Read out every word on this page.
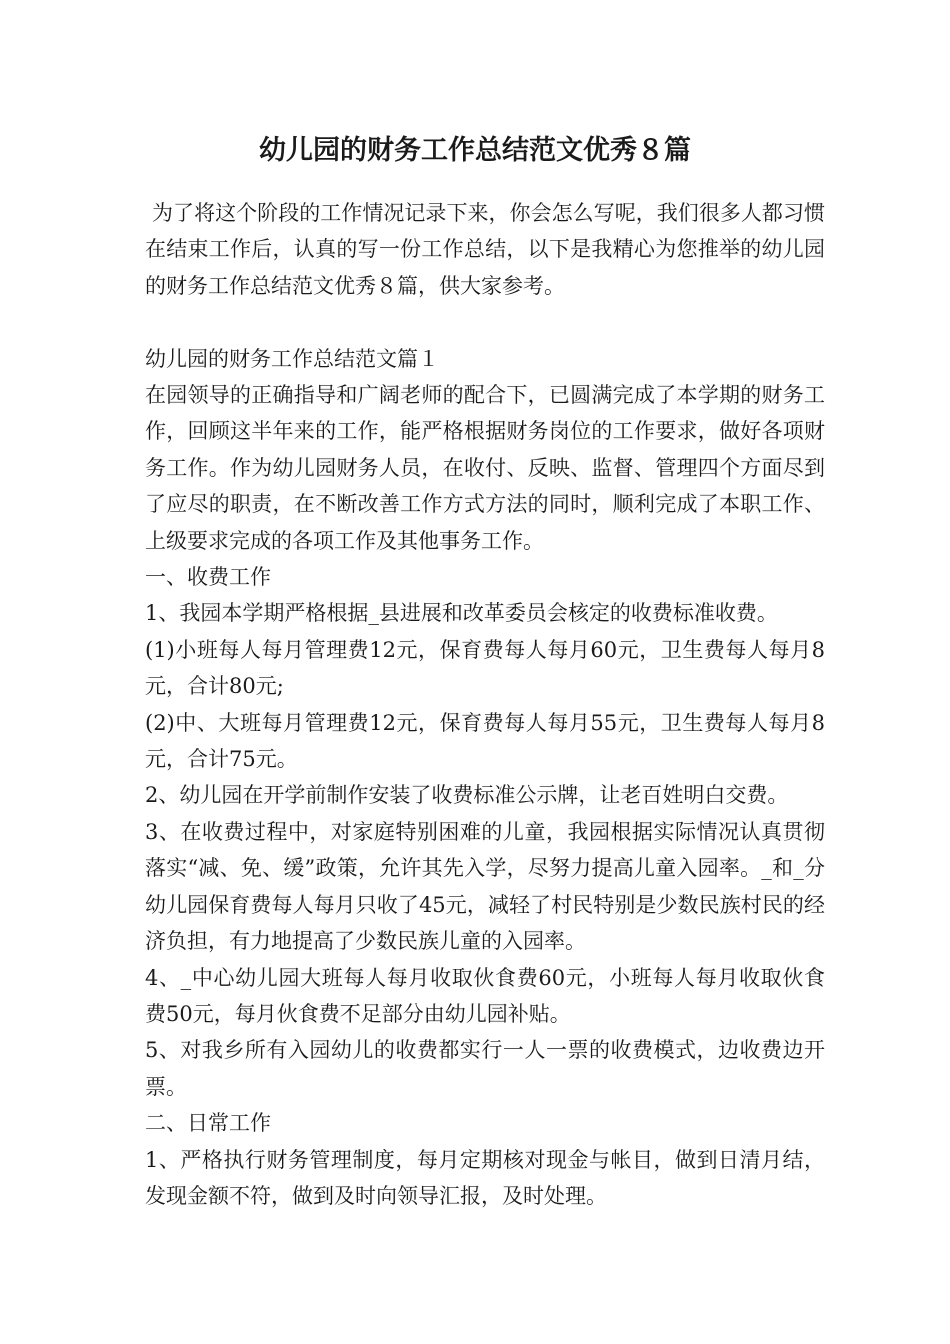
幼儿园的财务工作总结范文优秀８篇

为了将这个阶段的工作情况记录下来，你会怎么写呢，我们很多人都习惯在结束工作后，认真的写一份工作总结，以下是我精心为您推举的幼儿园的财务工作总结范文优秀８篇，供大家参考。

幼儿园的财务工作总结范文篇１

在园领导的正确指导和广阔老师的配合下，已圆满完成了本学期的财务工作，回顾这半年来的工作，能严格根据财务岗位的工作要求，做好各项财务工作。作为幼儿园财务人员，在收付、反映、监督、管理四个方面尽到了应尽的职责，在不断改善工作方式方法的同时，顺利完成了本职工作、上级要求完成的各项工作及其他事务工作。

一、收费工作

1、我园本学期严格根据_县进展和改革委员会核定的收费标准收费。

(1)小班每人每月管理费12元，保育费每人每月60元，卫生费每人每月8元，合计80元;

(2)中、大班每月管理费12元，保育费每人每月55元，卫生费每人每月8元，合计75元。

2、幼儿园在开学前制作安装了收费标准公示牌，让老百姓明白交费。

3、在收费过程中，对家庭特别困难的儿童，我园根据实际情况认真贯彻落实“减、免、缓”政策，允许其先入学，尽努力提高儿童入园率。_和_分幼儿园保育费每人每月只收了45元，减轻了村民特别是少数民族村民的经济负担，有力地提高了少数民族儿童的入园率。

4、_中心幼儿园大班每人每月收取伙食费60元，小班每人每月收取伙食费50元，每月伙食费不足部分由幼儿园补贴。

5、对我乡所有入园幼儿的收费都实行一人一票的收费模式，边收费边开票。

二、日常工作

1、严格执行财务管理制度，每月定期核对现金与帐目，做到日清月结，发现金额不符，做到及时向领导汇报，及时处理。
